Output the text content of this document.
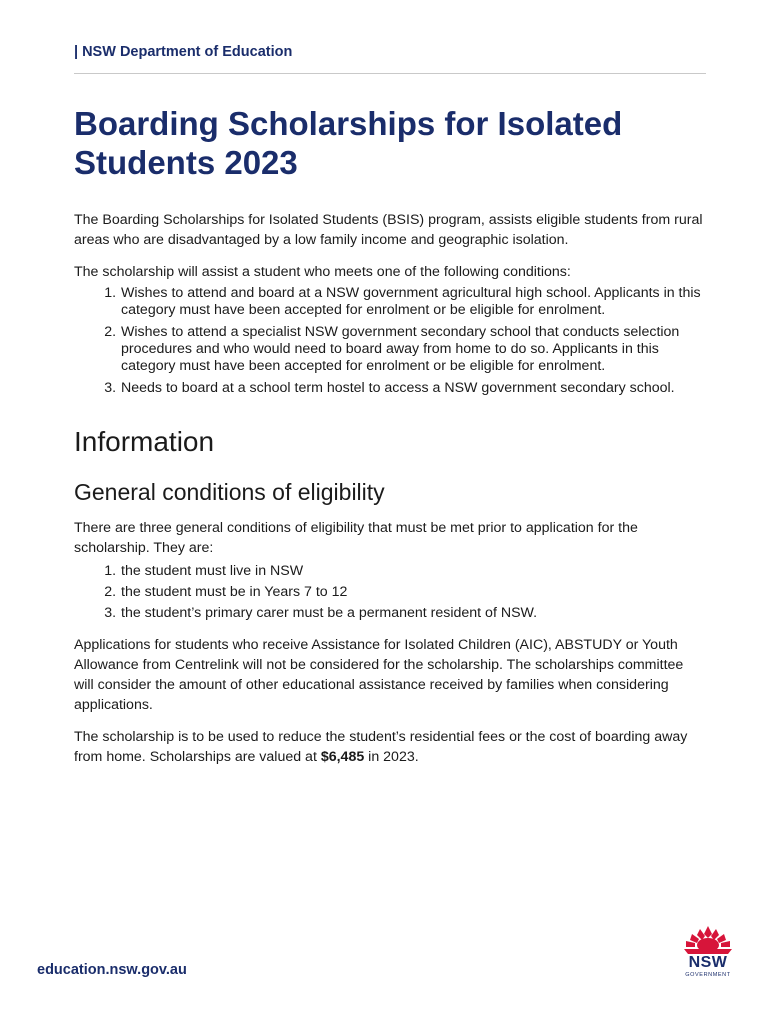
| NSW Department of Education
Boarding Scholarships for Isolated Students 2023

The Boarding Scholarships for Isolated Students (BSIS) program, assists eligible students from rural areas who are disadvantaged by a low family income and geographic isolation.

The scholarship will assist a student who meets one of the following conditions:

1. Wishes to attend and board at a NSW government agricultural high school. Applicants in this category must have been accepted for enrolment or be eligible for enrolment.
2. Wishes to attend a specialist NSW government secondary school that conducts selection procedures and who would need to board away from home to do so. Applicants in this category must have been accepted for enrolment or be eligible for enrolment.
3. Needs to board at a school term hostel to access a NSW government secondary school.
Information
General conditions of eligibility

There are three general conditions of eligibility that must be met prior to application for the scholarship. They are:

1. the student must live in NSW
2. the student must be in Years 7 to 12
3. the student’s primary carer must be a permanent resident of NSW.

Applications for students who receive Assistance for Isolated Children (AIC), ABSTUDY or Youth Allowance from Centrelink will not be considered for the scholarship. The scholarships committee will consider the amount of other educational assistance received by families when considering applications.

The scholarship is to be used to reduce the student’s residential fees or the cost of boarding away from home. Scholarships are valued at $6,485 in 2023.

education.nsw.gov.au	NSW
GOVERNMENT
